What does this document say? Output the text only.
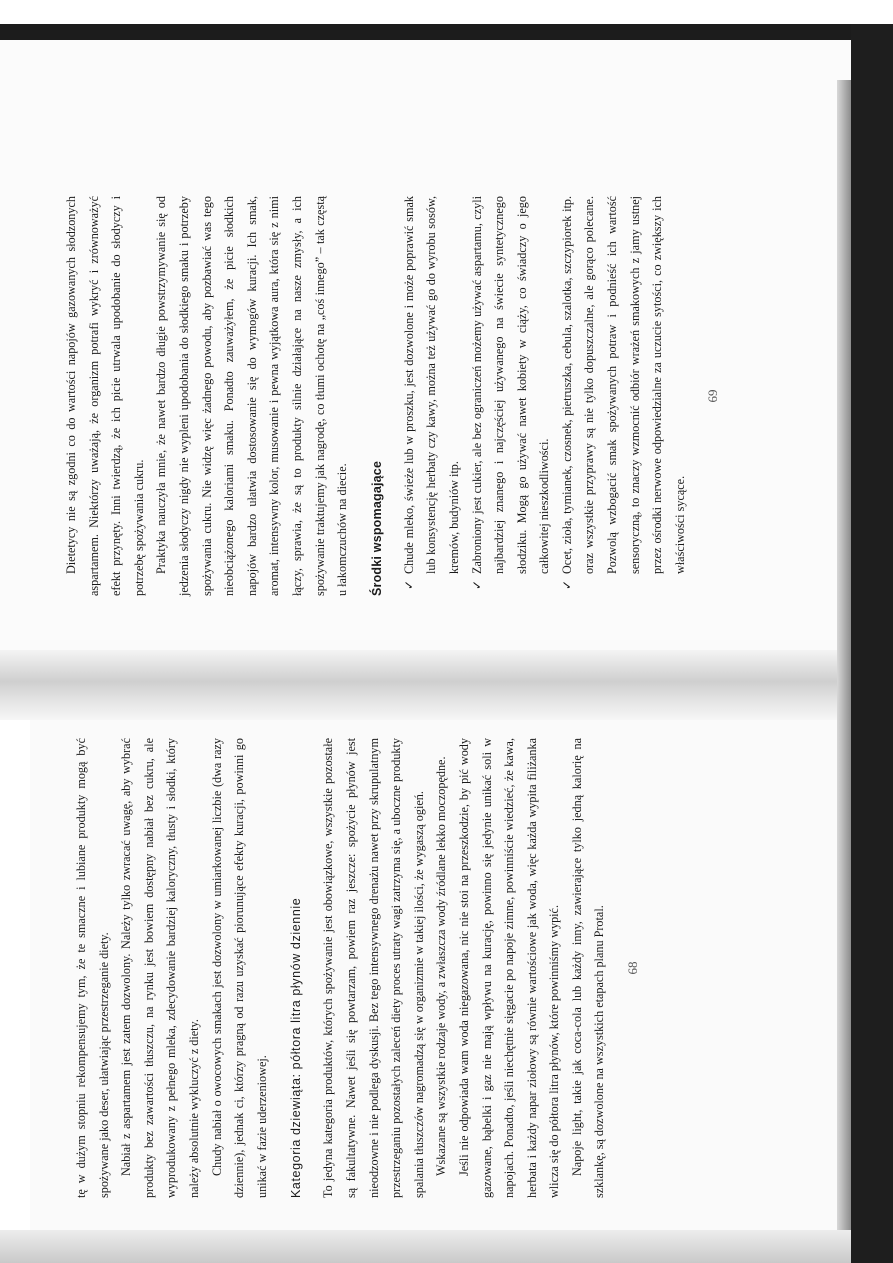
Dietetycy nie są zgodni co do wartości napojów gazowanych słodzonych aspartamem. Niektórzy uważają, że organizm potrafi wykryć i zrównoważyć efekt przynęty. Inni twierdzą, że ich picie utrwala upodobanie do słodyczy i potrzebę spożywania cukru. Praktyka nauczyła mnie, że nawet bardzo długie powstrzymywanie się od jedzenia słodyczy nigdy nie wypleni upodobania do słodkiego smaku i potrzeby spożywania cukru. Nie widzę więc żadnego powodu, aby pozbawiać was tego nieobciążonego kaloriami smaku. Ponadto zauważyłem, że picie słodkich napojów bardzo ułatwia dostosowanie się do wymogów kuracji. Ich smak, aromat, intensywny kolor, musowanie i pewna wyjątkowa aura, która się z nimi łączy, sprawia, że są to produkty silnie działające na nasze zmysły, a ich spożywanie traktujemy jak nagrodę, co tłumi ochotę na „coś innego” – tak częstą u łakomczuchów na diecie.	Środki wspomagające	✓
Chude mleko, świeże lub w proszku, jest dozwolone i może poprawić smak lub konsystencję herbaty czy kawy, można też używać go do wyrobu sosów, kremów, budyniów itp.
✓
Zabroniony jest cukier, ale bez ograniczeń możemy używać aspartamu, czyli najbardziej znanego i najczęściej używanego na świecie syntetycznego słodziku. Mogą go używać nawet kobiety w ciąży, co świadczy o jego całkowitej nieszkodliwości.
✓
Ocet, zioła, tymianek, czosnek, pietruszka, cebula, szalotka, szczypiorek itp. oraz wszystkie przyprawy są nie tylko dopuszczalne, ale gorąco polecane. Pozwolą wzbogacić smak spożywanych potraw i podnieść ich wartość sensoryczną, to znaczy wzmocnić odbiór wrażeń smakowych z jamy ustnej przez ośrodki nerwowe odpowiedzialne za uczucie sytości, co zwiększy ich właściwości sycące.
69

tę w dużym stopniu rekompensujemy tym, że te smaczne i lubiane produkty mogą być spożywane jako deser, ułatwiając przestrzeganie diety. Nabiał z aspartamem jest zatem dozwolony. Należy tylko zwracać uwagę, aby wybrać produkty bez zawartości tłuszczu, na rynku jest bowiem dostępny nabiał bez cukru, ale wyprodukowany z pełnego mleka, zdecydowanie bardziej kaloryczny, tłusty i słodki, który należy absolutnie wykluczyć z diety. Chudy nabiał o owocowych smakach jest dozwolony w umiarkowanej liczbie (dwa razy dziennie), jednak ci, którzy pragną od razu uzyskać piorunujące efekty kuracji, powinni go unikać w fazie uderzeniowej.	Kategoria dziewiąta: półtora litra płynów dziennie	To jedyna kategoria produktów, których spożywanie jest obowiązkowe, wszystkie pozostałe są fakultatywne. Nawet jeśli się powtarzam, powiem raz jeszcze: spożycie płynów jest nieodzowne i nie podlega dyskusji. Bez tego intensywnego drenażu nawet przy skrupulatnym przestrzeganiu pozostałych zaleceń diety proces utraty wagi zatrzyma się, a uboczne produkty spalania tłuszczów nagromadzą się w organizmie w takiej ilości, że wygaszą ogień. Wskazane są wszystkie rodzaje wody, a zwłaszcza wody źródlane lekko moczopędne. Jeśli nie odpowiada wam woda niegazowana, nic nie stoi na przeszkodzie, by pić wody gazowane, bąbelki i gaz nie mają wpływu na kurację, powinno się jedynie unikać soli w napojach. Ponadto, jeśli niechętnie sięgacie po napoje zimne, powinniście wiedzieć, że kawa, herbata i każdy napar ziołowy są równie wartościowe jak woda, więc każda wypita filiżanka wlicza się do półtora litra płynów, które powinniśmy wypić. Napoje light, takie jak coca-cola lub każdy inny, zawierające tylko jedną kalorię na szklankę, są dozwolone na wszystkich etapach planu Protal.	68
